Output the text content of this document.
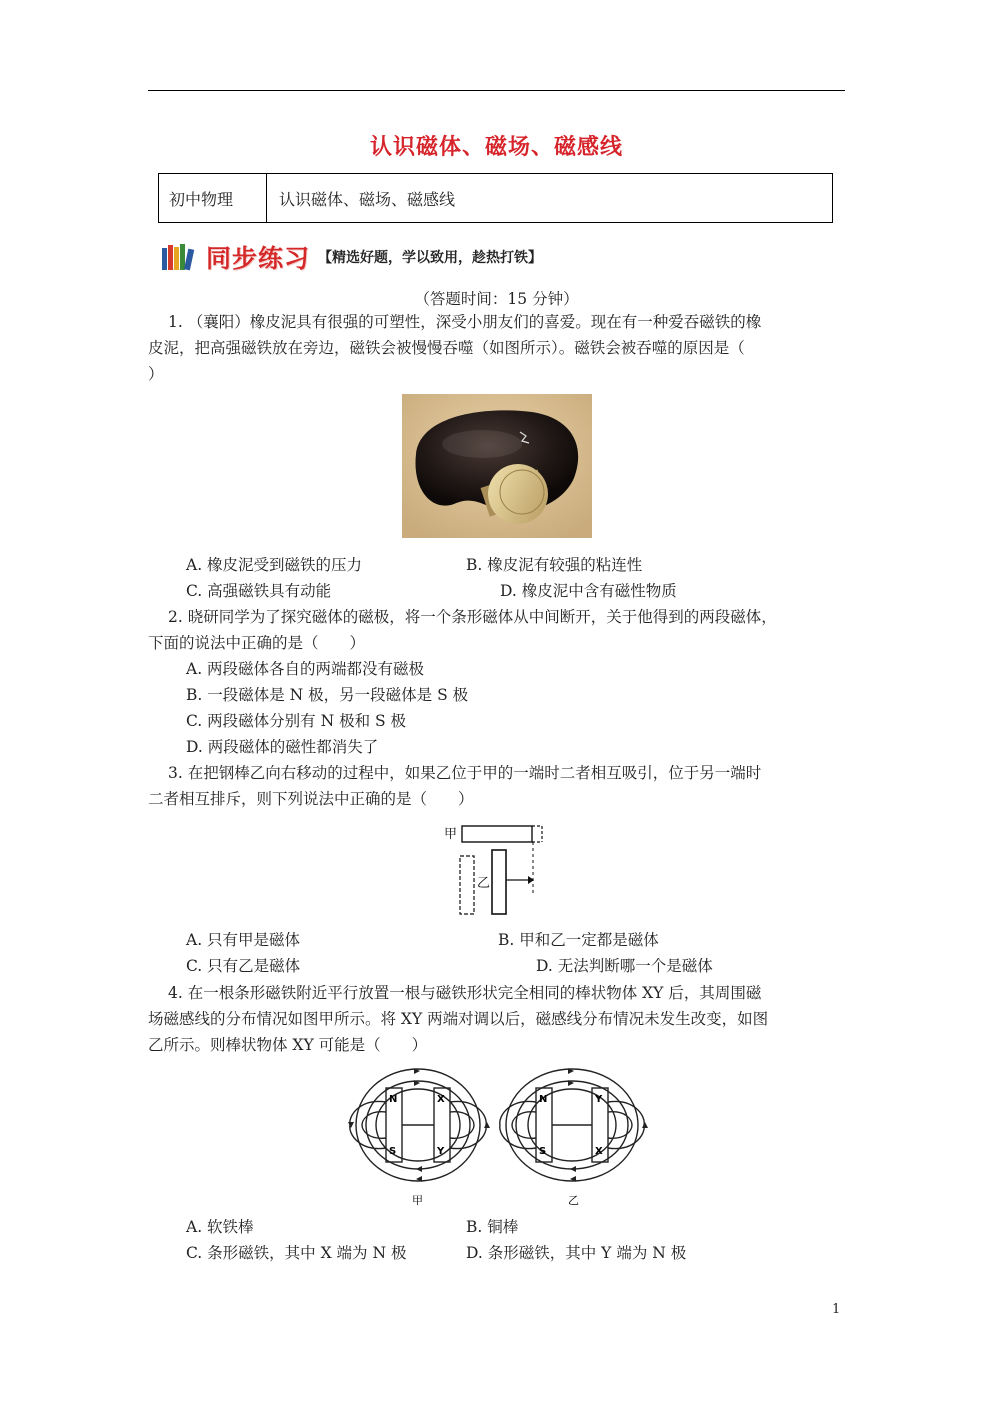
认识磁体、磁场、磁感线
初中物理	认识磁体、磁场、磁感线
同步练习 【精选好题，学以致用，趁热打铁】
（答题时间：15 分钟）
1. （襄阳）橡皮泥具有很强的可塑性，深受小朋友们的喜爱。现在有一种爱吞磁铁的橡
皮泥，把高强磁铁放在旁边，磁铁会被慢慢吞噬（如图所示）。磁铁会被吞噬的原因是（
）
A. 橡皮泥受到磁铁的压力	B. 橡皮泥有较强的粘连性
C. 高强磁铁具有动能	D. 橡皮泥中含有磁性物质
2. 晓研同学为了探究磁体的磁极，将一个条形磁体从中间断开，关于他得到的两段磁体，
下面的说法中正确的是（　　）
A. 两段磁体各自的两端都没有磁极
B. 一段磁体是 N 极，另一段磁体是 S 极
C. 两段磁体分别有 N 极和 S 极
D. 两段磁体的磁性都消失了
3. 在把钢棒乙向右移动的过程中，如果乙位于甲的一端时二者相互吸引，位于另一端时
二者相互排斥，则下列说法中正确的是（　　）
甲
乙
A. 只有甲是磁体	B. 甲和乙一定都是磁体
C. 只有乙是磁体	D. 无法判断哪一个是磁体
4. 在一根条形磁铁附近平行放置一根与磁铁形状完全相同的棒状物体 XY 后，其周围磁
场磁感线的分布情况如图甲所示。将 XY 两端对调以后，磁感线分布情况未发生改变，如图
乙所示。则棒状物体 XY 可能是（　　）
N
S
X
Y
甲
N
S
Y
X
乙
A. 软铁棒	B. 铜棒
C. 条形磁铁，其中 X 端为 N 极	D. 条形磁铁，其中 Y 端为 N 极
1
